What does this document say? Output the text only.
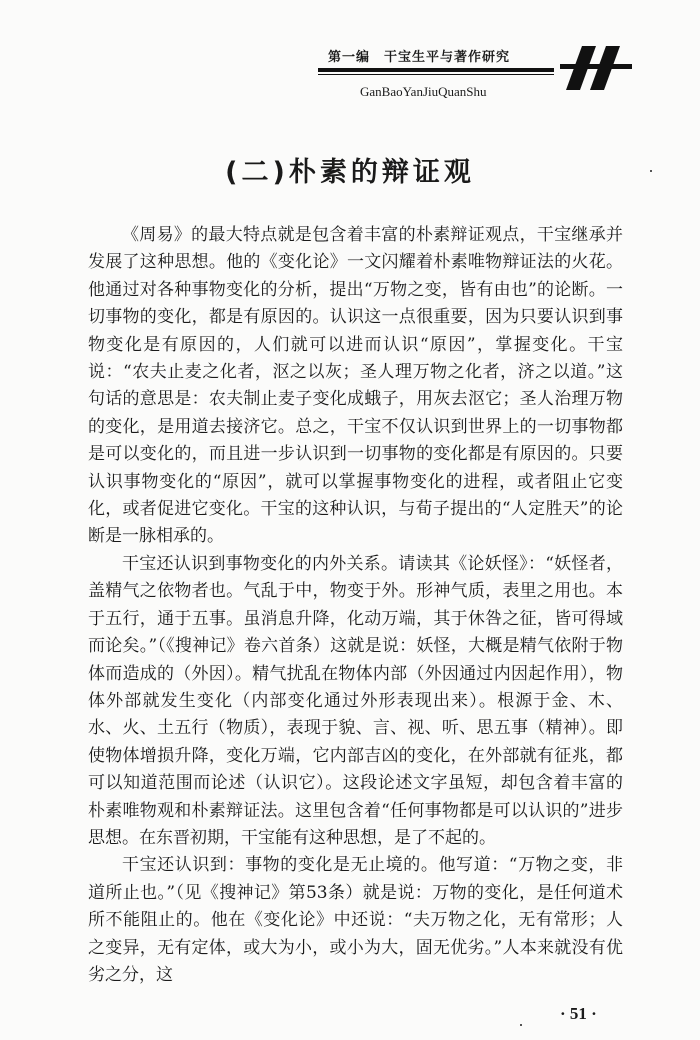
第一编　干宝生平与著作研究
GanBaoYanJiuQuanShu
(二)朴素的辩证观

《周易》的最大特点就是包含着丰富的朴素辩证观点，干宝继承并发展了这种思想。他的《变化论》一文闪耀着朴素唯物辩证法的火花。他通过对各种事物变化的分析，提出“万物之变，皆有由也”的论断。一切事物的变化，都是有原因的。认识这一点很重要，因为只要认识到事物变化是有原因的，人们就可以进而认识“原因”，掌握变化。干宝说：“农夫止麦之化者，沤之以灰；圣人理万物之化者，济之以道。”这句话的意思是：农夫制止麦子变化成蛾子，用灰去沤它；圣人治理万物的变化，是用道去接济它。总之，干宝不仅认识到世界上的一切事物都是可以变化的，而且进一步认识到一切事物的变化都是有原因的。只要认识事物变化的“原因”，就可以掌握事物变化的进程，或者阻止它变化，或者促进它变化。干宝的这种认识，与荀子提出的“人定胜天”的论断是一脉相承的。

干宝还认识到事物变化的内外关系。请读其《论妖怪》：“妖怪者，盖精气之依物者也。气乱于中，物变于外。形神气质，表里之用也。本于五行，通于五事。虽消息升降，化动万端，其于休咎之征，皆可得域而论矣。”（《搜神记》卷六首条）这就是说：妖怪，大概是精气依附于物体而造成的（外因）。精气扰乱在物体内部（外因通过内因起作用），物体外部就发生变化（内部变化通过外形表现出来）。根源于金、木、水、火、土五行（物质），表现于貌、言、视、听、思五事（精神）。即使物体增损升降，变化万端，它内部吉凶的变化，在外部就有征兆，都可以知道范围而论述（认识它）。这段论述文字虽短，却包含着丰富的朴素唯物观和朴素辩证法。这里包含着“任何事物都是可以认识的”进步思想。在东晋初期，干宝能有这种思想，是了不起的。

干宝还认识到：事物的变化是无止境的。他写道：“万物之变，非道所止也。”（见《搜神记》第53条）就是说：万物的变化，是任何道术所不能阻止的。他在《变化论》中还说：“夫万物之化，无有常形；人之变异，无有定体，或大为小，或小为大，固无优劣。”人本来就没有优劣之分，这

· 51 ·
